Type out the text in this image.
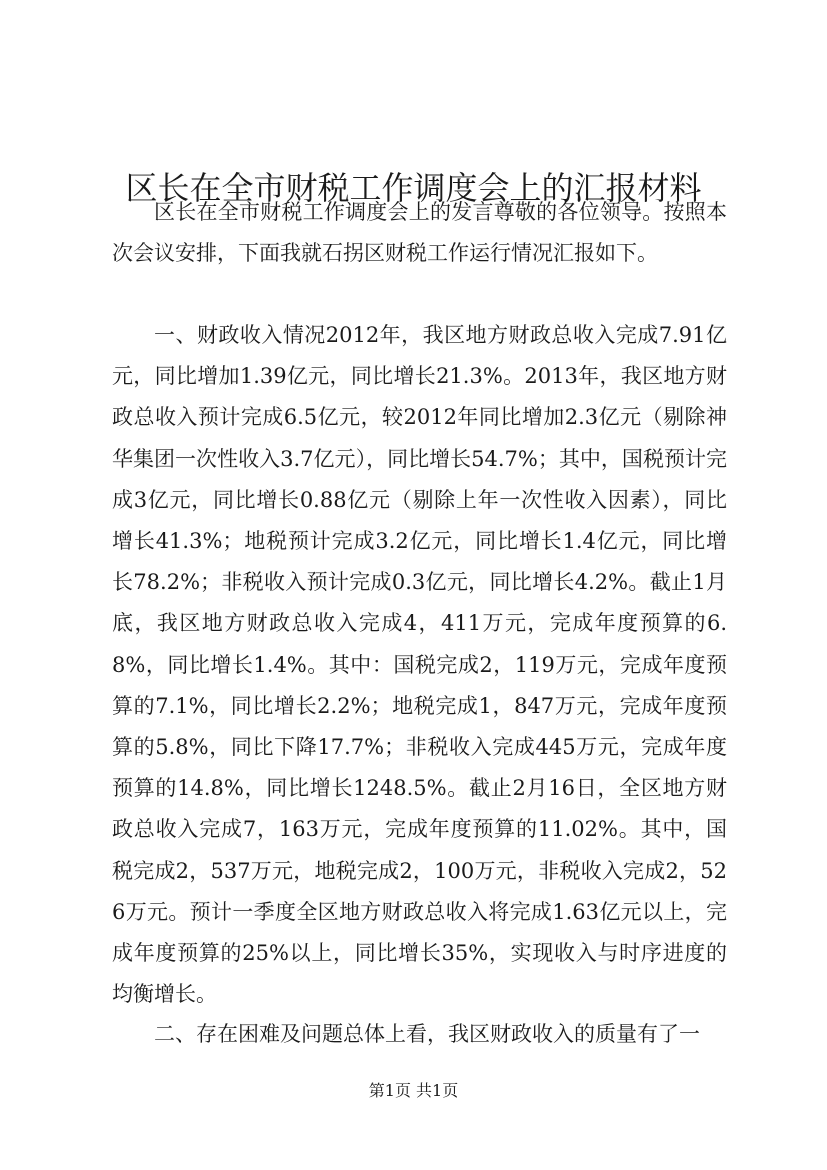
区长在全市财税工作调度会上的汇报材料

区长在全市财税工作调度会上的发言尊敬的各位领导。按照本次会议安排，下面我就石拐区财税工作运行情况汇报如下。

一、财政收入情况2012年，我区地方财政总收入完成7.91亿元，同比增加1.39亿元，同比增长21.3%。2013年，我区地方财政总收入预计完成6.5亿元，较2012年同比增加2.3亿元（剔除神华集团一次性收入3.7亿元），同比增长54.7%；其中，国税预计完成3亿元，同比增长0.88亿元（剔除上年一次性收入因素），同比增长41.3%；地税预计完成3.2亿元，同比增长1.4亿元，同比增长78.2%；非税收入预计完成0.3亿元，同比增长4.2%。截止1月底，我区地方财政总收入完成4，411万元，完成年度预算的6.8%，同比增长1.4%。其中：国税完成2，119万元，完成年度预算的7.1%，同比增长2.2%；地税完成1，847万元，完成年度预算的5.8%，同比下降17.7%；非税收入完成445万元，完成年度预算的14.8%，同比增长1248.5%。截止2月16日，全区地方财政总收入完成7，163万元，完成年度预算的11.02%。其中，国税完成2，537万元，地税完成2，100万元，非税收入完成2，526万元。预计一季度全区地方财政总收入将完成1.63亿元以上，完成年度预算的25%以上，同比增长35%，实现收入与时序进度的均衡增长。

二、存在困难及问题总体上看，我区财政收入的质量有了一

第1页 共1页
